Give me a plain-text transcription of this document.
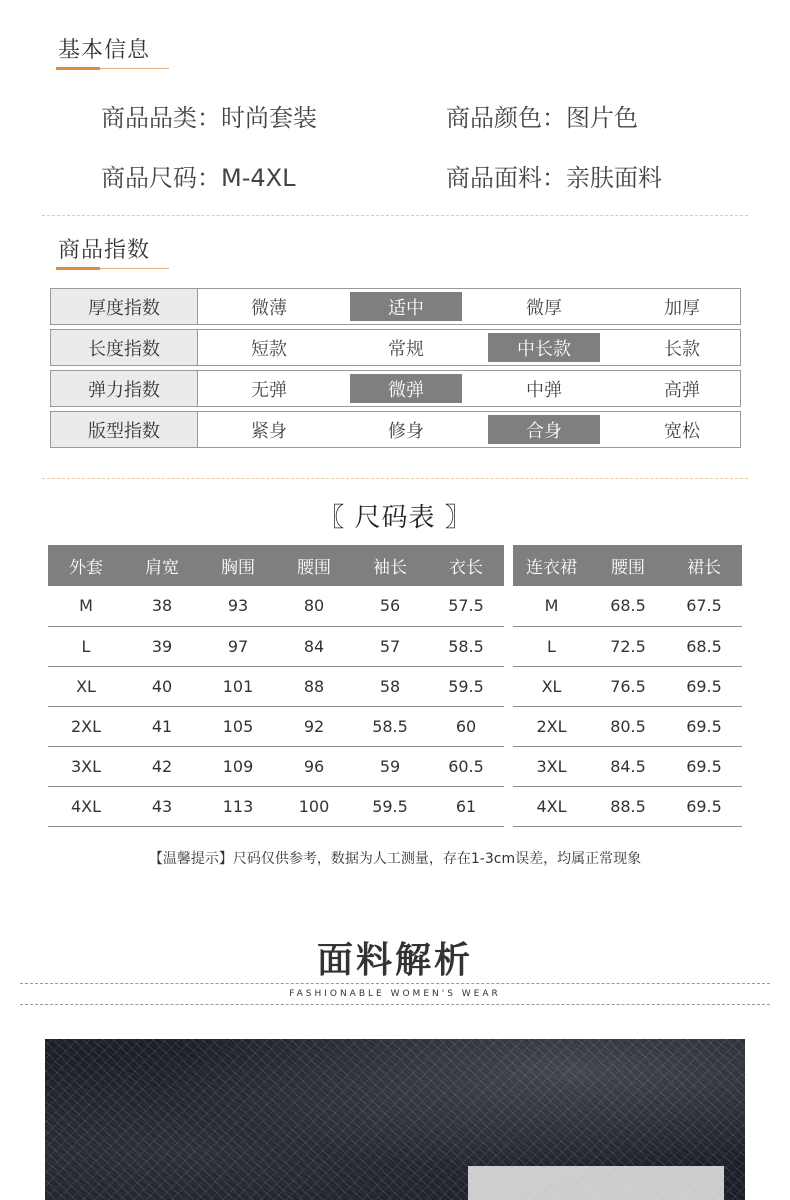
基本信息
商品品类：时尚套装	商品颜色：图片色
商品尺码：M-4XL	商品面料：亲肤面料
商品指数
厚度指数	微薄	适中	微厚	加厚
长度指数	短款	常规	中长款	长款
弹力指数	无弹	微弹	中弹	高弹
版型指数	紧身	修身	合身	宽松
〖 尺码表 〗
外套	肩宽	胸围	腰围	袖长	衣长
M	38	93	80	56	57.5
L	39	97	84	57	58.5
XL	40	101	88	58	59.5
2XL	41	105	92	58.5	60
3XL	42	109	96	59	60.5
4XL	43	113	100	59.5	61
连衣裙	腰围	裙长
M	68.5	67.5
L	72.5	68.5
XL	76.5	69.5
2XL	80.5	69.5
3XL	84.5	69.5
4XL	88.5	69.5
【温馨提示】尺码仅供参考，数据为人工测量，存在1-3cm误差，均属正常现象
面料解析
FASHIONABLE WOMEN'S WEAR
